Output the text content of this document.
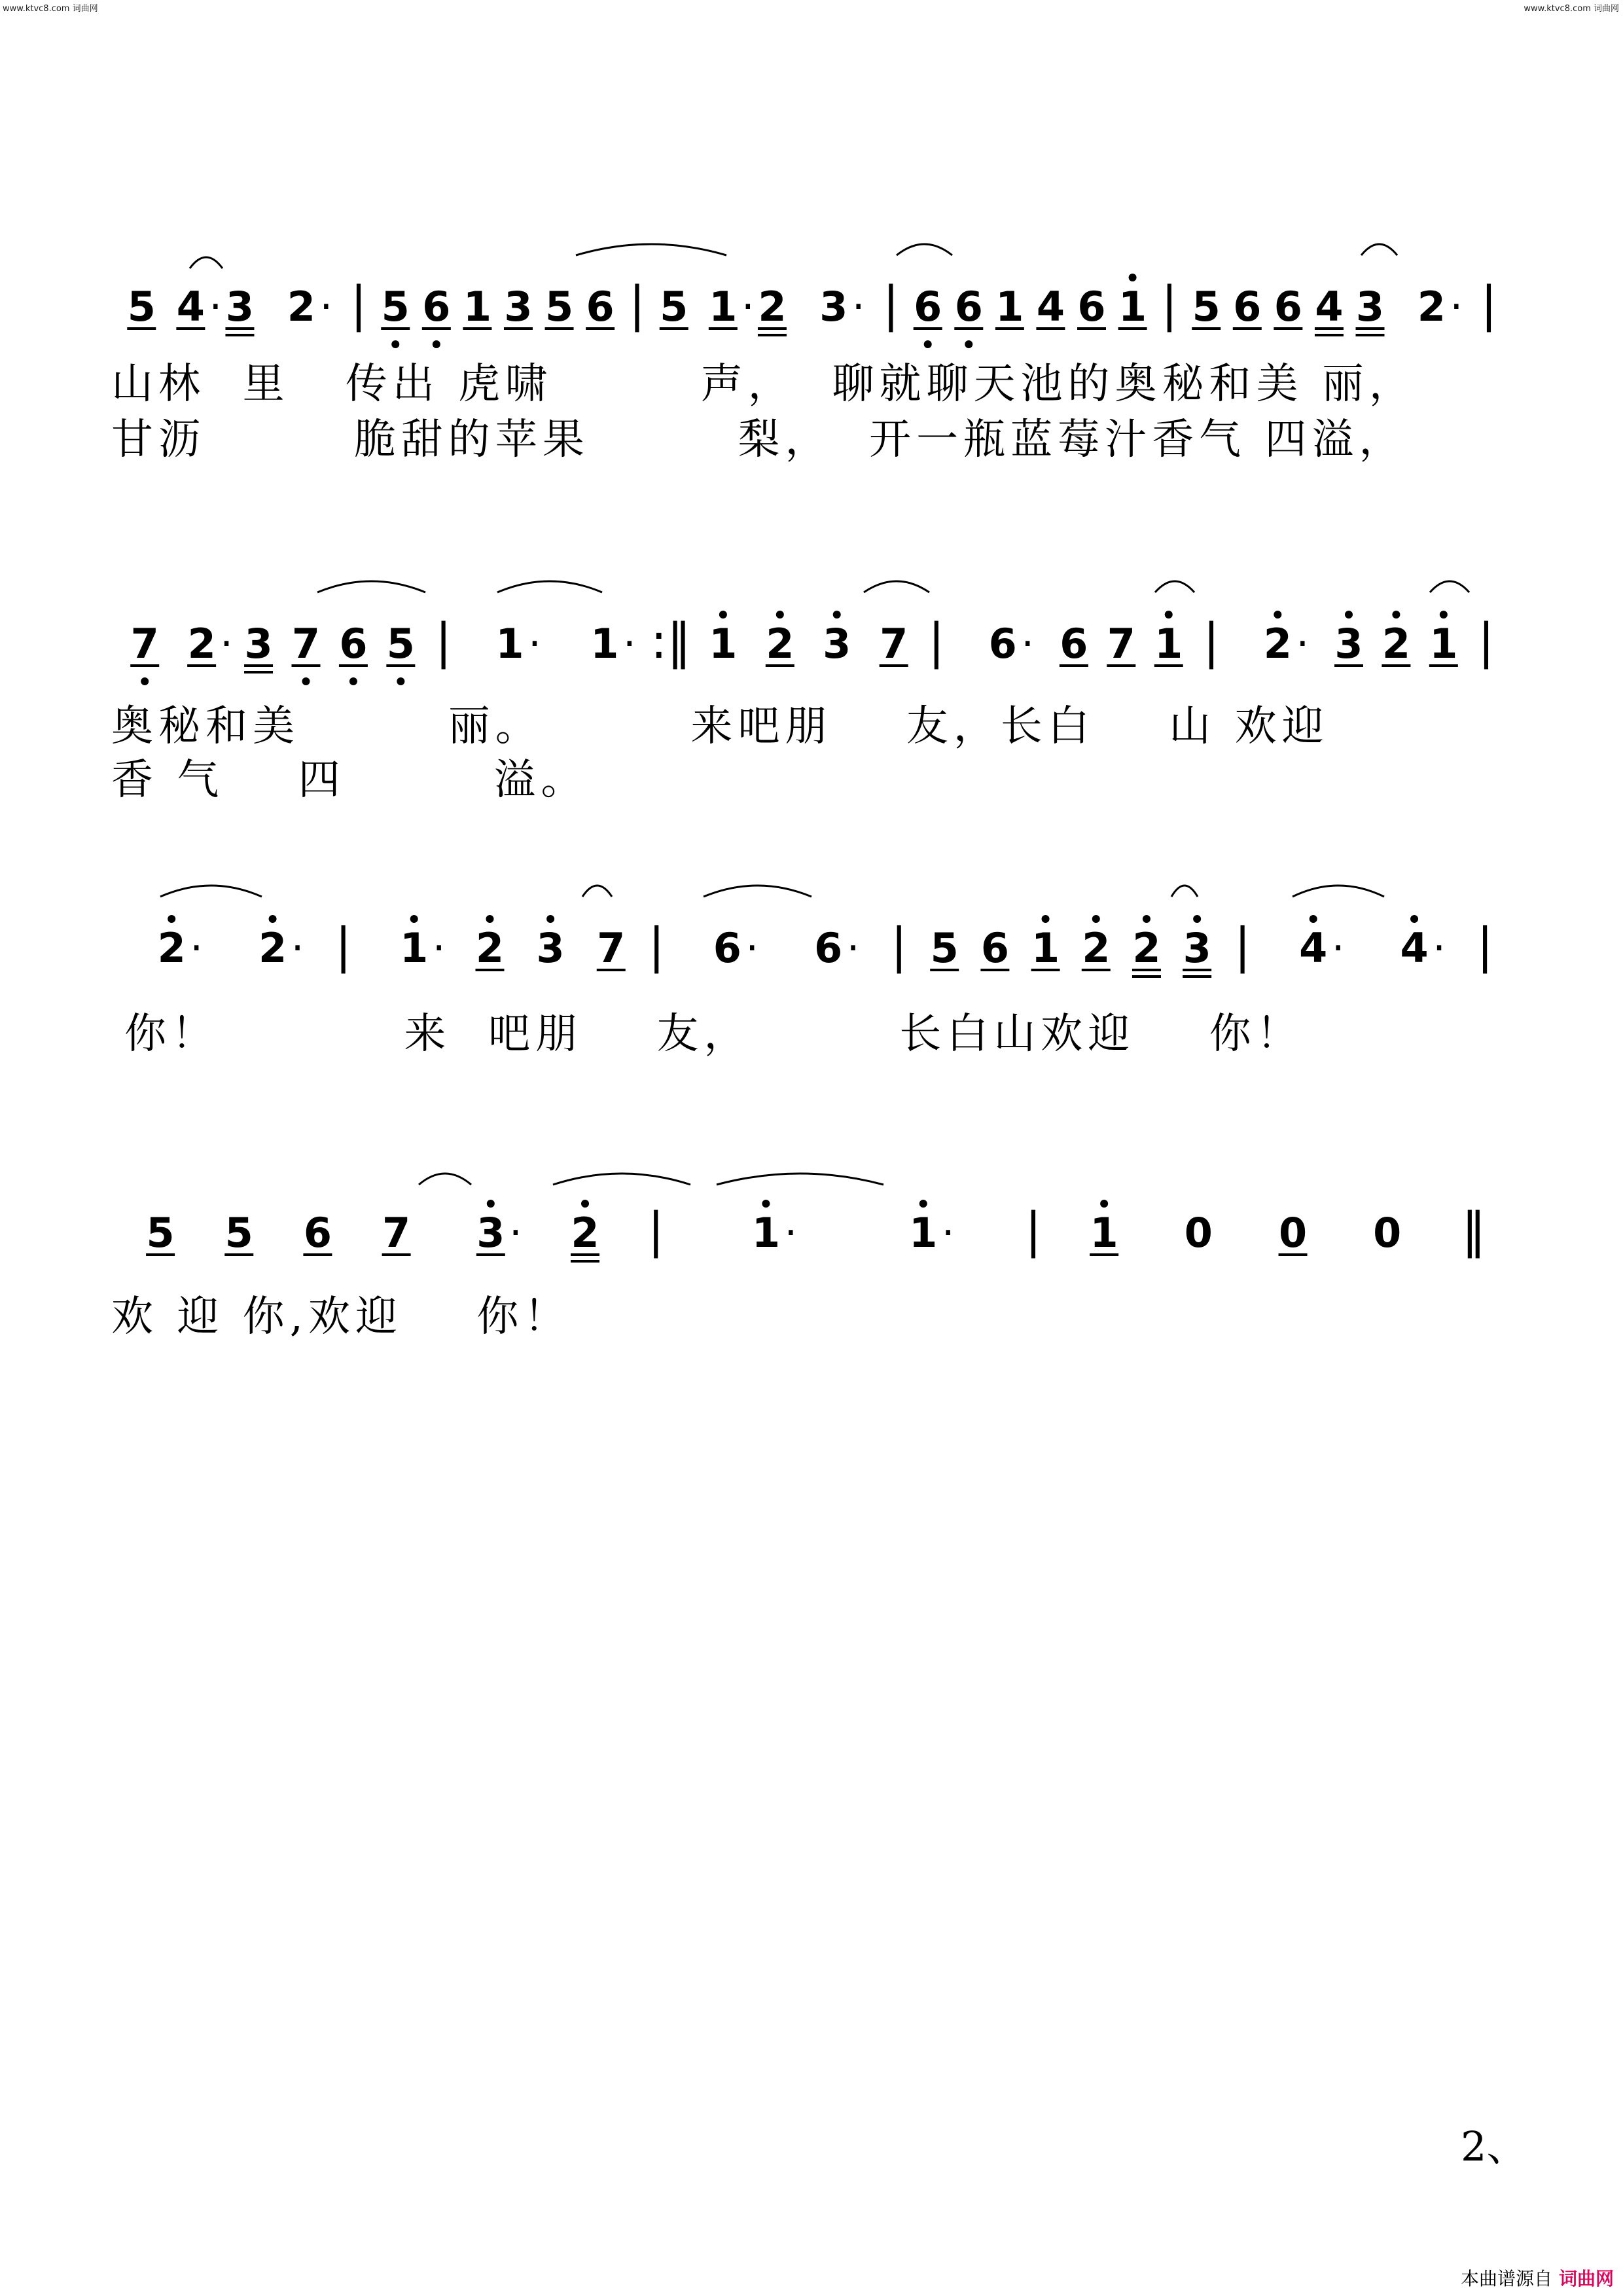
www.ktvc8.com 词曲网	www.ktvc8.com 词曲网
5 4 · 3 2 · | 5 6 1 3 5 6 | 5 1 · 2 3 · | 6 6 1 4 6 1 | 5 6 6 4 3 2 · |
7 2 · 3 7 6 5 | 1 · 1 · :‖ 1 2 3 7 | 6 · 6 7 1 | 2 · 3 2 1 |
2 · 2 · | 1 · 2 3 7 | 6 · 6 · | 5 6 1 2 2 3 | 4 · 4 · |
5 5 6 7 3 · 2 | 1 ·	1 · | 1 0 0 0 ‖
山林  里   传出 虎啸        声，  聊就聊天池的奥秘和美 丽，
甘沥        脆甜的苹果        梨，  开一瓶蓝莓汁香气 四溢，
奥秘和美        丽。        来吧朋    友，长白    山 欢迎
香 气    四        溢。
你！          来  吧朋    友，        长白山欢迎    你！
欢 迎 你,欢迎    你！
2、
本曲谱源自 词曲网
